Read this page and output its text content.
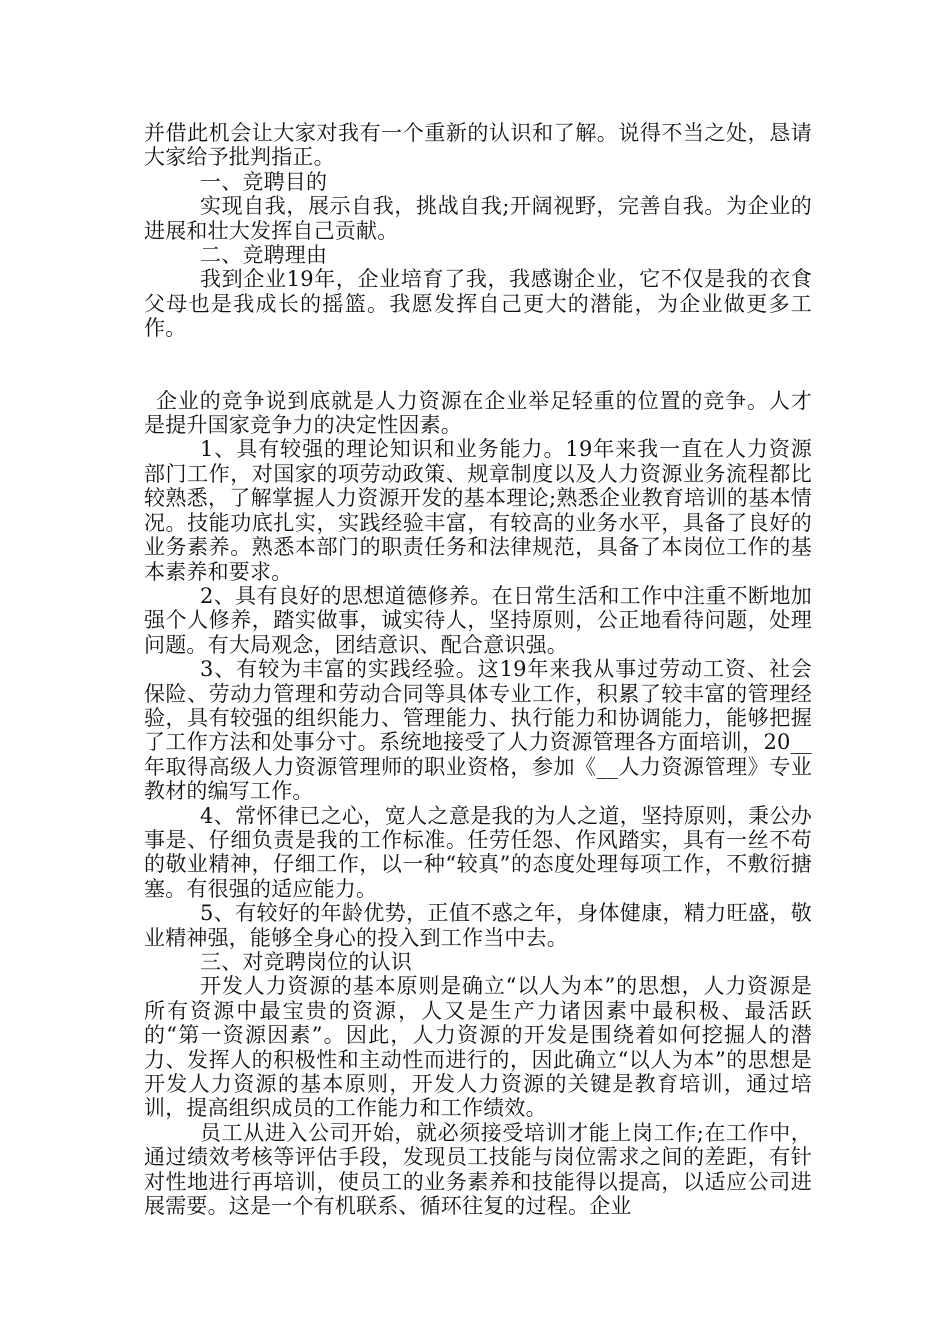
并借此机会让大家对我有一个重新的认识和了解。说得不当之处，恳请大家给予批判指正。

一、竞聘目的

实现自我，展示自我，挑战自我;开阔视野，完善自我。为企业的进展和壮大发挥自己贡献。

二、竞聘理由

我到企业19年，企业培育了我，我感谢企业，它不仅是我的衣食父母也是我成长的摇篮。我愿发挥自己更大的潜能，为企业做更多工作。

企业的竞争说到底就是人力资源在企业举足轻重的位置的竞争。人才是提升国家竞争力的决定性因素。

1、具有较强的理论知识和业务能力。19年来我一直在人力资源部门工作，对国家的项劳动政策、规章制度以及人力资源业务流程都比较熟悉，了解掌握人力资源开发的基本理论;熟悉企业教育培训的基本情况。技能功底扎实，实践经验丰富，有较高的业务水平，具备了良好的业务素养。熟悉本部门的职责任务和法律规范，具备了本岗位工作的基本素养和要求。

2、具有良好的思想道德修养。在日常生活和工作中注重不断地加强个人修养，踏实做事，诚实待人，坚持原则，公正地看待问题，处理问题。有大局观念，团结意识、配合意识强。

3、有较为丰富的实践经验。这19年来我从事过劳动工资、社会保险、劳动力管理和劳动合同等具体专业工作，积累了较丰富的管理经验，具有较强的组织能力、管理能力、执行能力和协调能力，能够把握了工作方法和处事分寸。系统地接受了人力资源管理各方面培训，20__年取得高级人力资源管理师的职业资格，参加《__人力资源管理》专业教材的编写工作。

4、常怀律已之心，宽人之意是我的为人之道，坚持原则，秉公办事是、仔细负责是我的工作标准。任劳任怨、作风踏实，具有一丝不苟的敬业精神，仔细工作，以一种“较真”的态度处理每项工作，不敷衍搪塞。有很强的适应能力。

5、有较好的年龄优势，正值不惑之年，身体健康，精力旺盛，敬业精神强，能够全身心的投入到工作当中去。

三、对竞聘岗位的认识

开发人力资源的基本原则是确立“以人为本”的思想，人力资源是所有资源中最宝贵的资源，人又是生产力诸因素中最积极、最活跃的“第一资源因素”。因此，人力资源的开发是围绕着如何挖掘人的潜力、发挥人的积极性和主动性而进行的，因此确立“以人为本”的思想是开发人力资源的基本原则，开发人力资源的关键是教育培训，通过培训，提高组织成员的工作能力和工作绩效。

员工从进入公司开始，就必须接受培训才能上岗工作;在工作中，通过绩效考核等评估手段，发现员工技能与岗位需求之间的差距，有针对性地进行再培训，使员工的业务素养和技能得以提高，以适应公司进展需要。这是一个有机联系、循环往复的过程。企业
